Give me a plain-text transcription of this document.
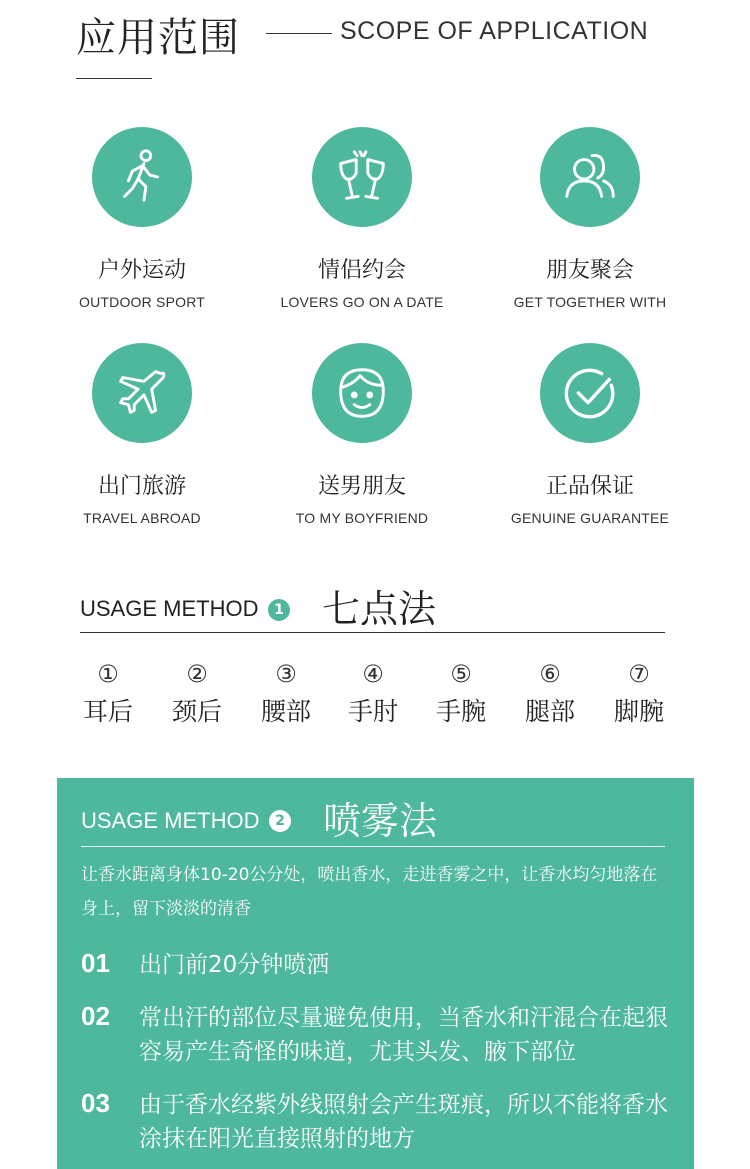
应用范围	SCOPE OF APPLICATION
户外运动
OUTDOOR SPORT
情侣约会
LOVERS GO ON A DATE
朋友聚会
GET TOGETHER WITH
出门旅游
TRAVEL ABROAD
送男朋友
TO MY BOYFRIEND
正品保证
GENUINE GUARANTEE
USAGE METHOD	1 七点法
①
耳后
②
颈后
③
腰部
④
手肘
⑤
手腕
⑥
腿部
⑦
脚腕
USAGE METHOD	2 喷雾法
让香水距离身体10-20公分处，喷出香水，走进香雾之中，让香水均匀地落在身上，留下淡淡的清香
01 出门前20分钟喷洒
02 常出汗的部位尽量避免使用，当香水和汗混合在起狠容易产生奇怪的味道，尤其头发、腋下部位
03 由于香水经紫外线照射会产生斑痕，所以不能将香水涂抹在阳光直接照射的地方
